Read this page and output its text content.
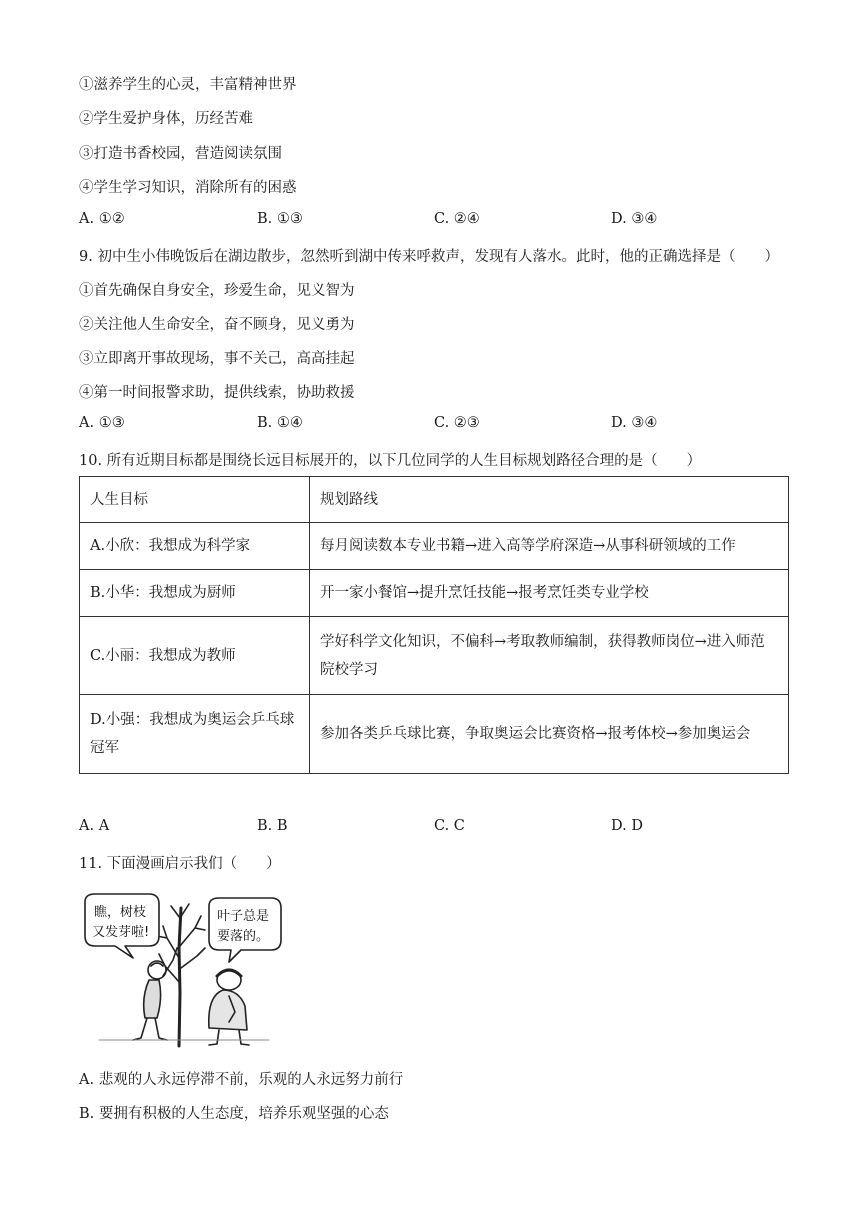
①滋养学生的心灵，丰富精神世界
②学生爱护身体，历经苦难
③打造书香校园，营造阅读氛围
④学生学习知识，消除所有的困惑
A. ①②	B. ①③	C. ②④	D. ③④
9. 初中生小伟晚饭后在湖边散步，忽然听到湖中传来呼救声，发现有人落水。此时，他的正确选择是（　　）
①首先确保自身安全，珍爱生命，见义智为
②关注他人生命安全，奋不顾身，见义勇为
③立即离开事故现场，事不关己，高高挂起
④第一时间报警求助，提供线索，协助救援
A. ①③	B. ①④	C. ②③	D. ③④
10. 所有近期目标都是围绕长远目标展开的，以下几位同学的人生目标规划路径合理的是（　　）
人生目标	规划路线
A.小欣：我想成为科学家	每月阅读数本专业书籍→进入高等学府深造→从事科研领域的工作
B.小华：我想成为厨师	开一家小餐馆→提升烹饪技能→报考烹饪类专业学校
C.小丽：我想成为教师	学好科学文化知识，不偏科→考取教师编制，获得教师岗位→进入师范院校学习
D.小强：我想成为奥运会乒乓球冠军	参加各类乒乓球比赛，争取奥运会比赛资格→报考体校→参加奥运会
A. A	B. B	C. C	D. D
11. 下面漫画启示我们（　　）
瞧，树枝
又发芽啦!
叶子总是
要落的。
A. 悲观的人永远停滞不前，乐观的人永远努力前行
B. 要拥有积极的人生态度，培养乐观坚强的心态
